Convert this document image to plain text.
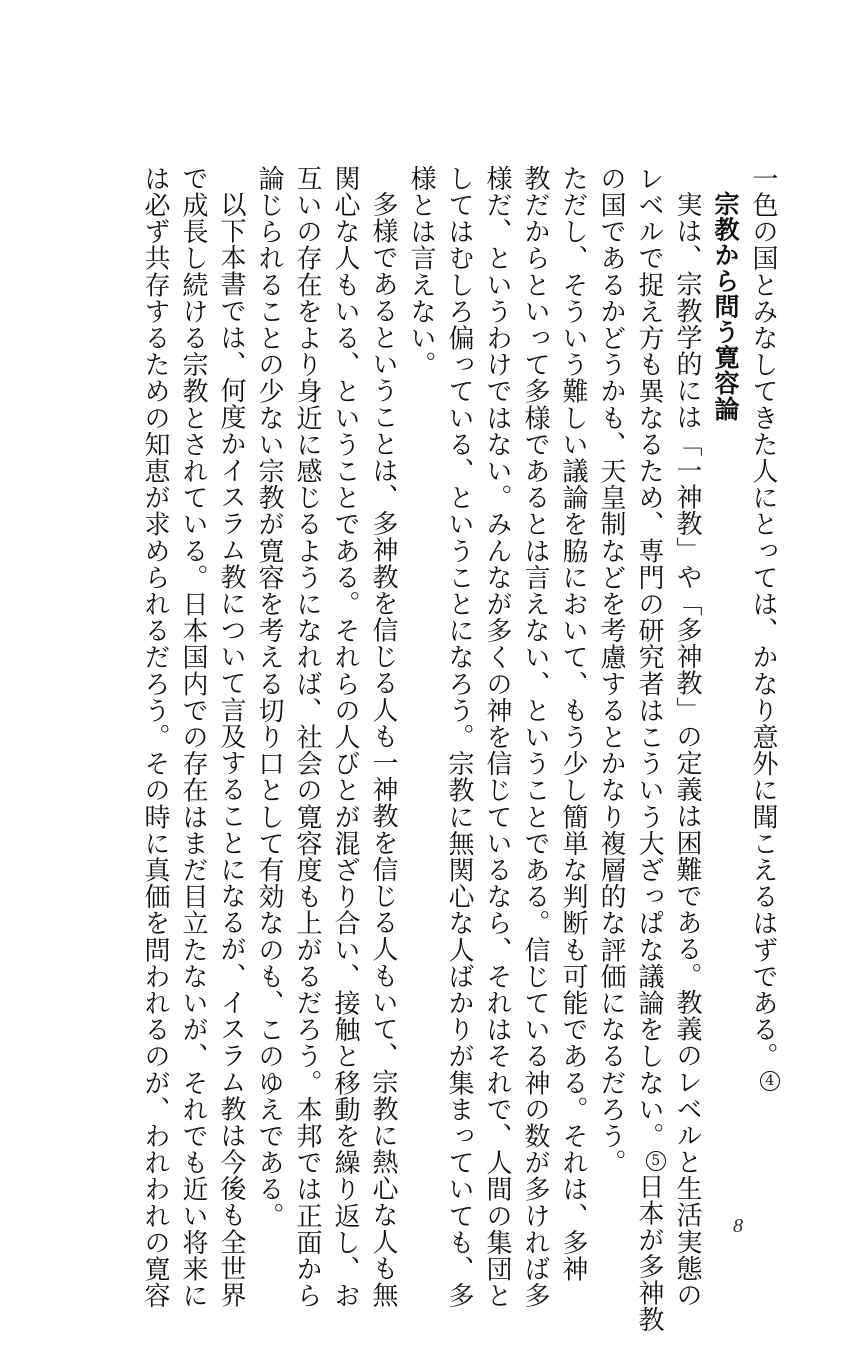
一色の国とみなしてきた人にとっては、かなり意外に聞こえるはずである。4
宗教から問う寛容論
実は、宗教学的には「一神教」や「多神教」の定義は困難である。教義のレベルと生活実態の
レベルで捉え方も異なるため、専門の研究者はこういう大ざっぱな議論をしない。5日本が多神教
の国であるかどうかも、天皇制などを考慮するとかなり複層的な評価になるだろう。
ただし、そういう難しい議論を脇において、もう少し簡単な判断も可能である。それは、多神
教だからといって多様であるとは言えない、ということである。信じている神の数が多ければ多
様だ、というわけではない。みんなが多くの神を信じているなら、それはそれで、人間の集団と
してはむしろ偏っている、ということになろう。宗教に無関心な人ばかりが集まっていても、多
様とは言えない。
多様であるということは、多神教を信じる人も一神教を信じる人もいて、宗教に熱心な人も無
関心な人もいる、ということである。それらの人びとが混ざり合い、接触と移動を繰り返し、お
互いの存在をより身近に感じるようになれば、社会の寛容度も上がるだろう。本邦では正面から
論じられることの少ない宗教が寛容を考える切り口として有効なのも、このゆえである。
以下本書では、何度かイスラム教について言及することになるが、イスラム教は今後も全世界
で成長し続ける宗教とされている。日本国内での存在はまだ目立たないが、それでも近い将来に
は必ず共存するための知恵が求められるだろう。その時に真価を問われるのが、われわれの寛容	8
